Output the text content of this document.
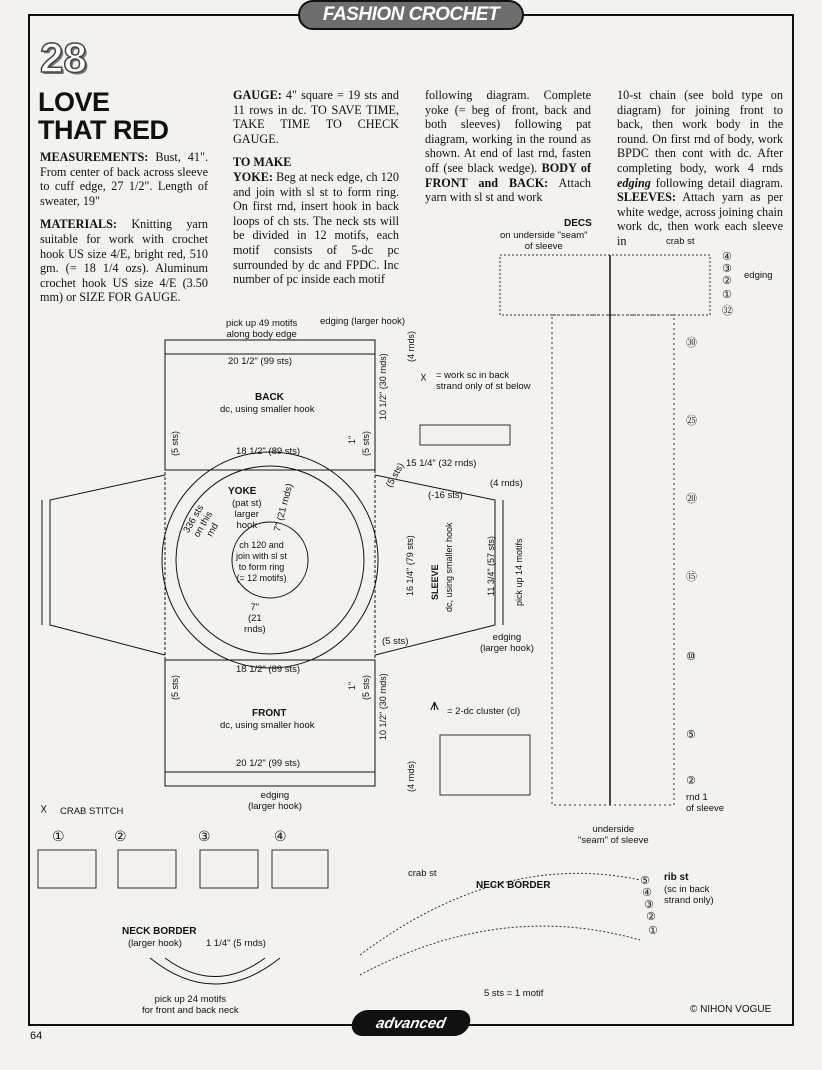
FASHION CROCHET
28
LOVE
THAT RED

MEASUREMENTS: Bust, 41". From center of back across sleeve to cuff edge, 27 1/2". Length of sweater, 19"

MATERIALS: Knitting yarn suitable for work with crochet hook US size 4/E, bright red, 510 gm. (= 18 1/4 ozs). Aluminum crochet hook US size 4/E (3.50 mm) or SIZE FOR GAUGE.

GAUGE: 4" square = 19 sts and 11 rows in dc. TO SAVE TIME, TAKE TIME TO CHECK GAUGE.

TO MAKE

YOKE: Beg at neck edge, ch 120 and join with sl st to form ring. On first rnd, insert hook in back loops of ch sts. The neck sts will be divided in 12 motifs, each motif consists of 5-dc pc surrounded by dc and FPDC. Inc number of pc inside each motif

following diagram. Complete yoke (= beg of front, back and both sleeves) following pat diagram, working in the round as shown. At end of last rnd, fasten off (see black wedge). BODY of FRONT and BACK: Attach yarn with sl st and work
10-st chain (see bold type on diagram) for joining front to back, then work body in the round. On first rnd of body, work BPDC then cont with dc. After completing body, work 4 rnds edging following detail diagram. SLEEVES: Attach yarn as per white wedge, across joining chain work dc, then work each sleeve in
pick up 49 motifs
along body edge
edging (larger hook)
20 1/2" (99 sts)
BACK
dc, using smaller hook	10 1/2" (30 rnds)
(4 rnds)
(5 sts)	(5 sts)
1"
18 1/2" (89 sts)
18 1/2" (89 sts)
YOKE
(pat st)
larger
hook
336 sts
on this
rnd	7" (21 rnds)
7"
(21
rnds)
ch 120 and
join with sl st
to form ring
(= 12 motifs)
15 1/4" (32 rnds)
(4 rnds)
(-16 sts)
(5 sts)
(5 sts)
SLEEVE dc, using smaller hook
16 1/4" (79 sts)	11 3/4" (57 sts) pick up 14 motifs
edging
(larger hook)
FRONT
dc, using smaller hook
20 1/2" (99 sts)
10 1/2" (30 rnds)
(4 rnds)
(5 sts)	(5 sts)
1"
edging
(larger hook)
☓ = work sc in back
strand only of st below
⩚ = 2-dc cluster (cl)
☓ CRAB STITCH
①	②	③	④
DECS
on underside "seam"
of sleeve	crab st
edging
④
③
②
①
㉜
㉚
㉕
⑳
⑮
⑩
⑤
②
rnd 1
of sleeve
underside
"seam" of sleeve
crab st
NECK BORDER
rib st
(sc in back
strand only)
⑤
④
③
②
①
5 sts = 1 motif
NECK BORDER
(larger hook)	1 1/4" (5 rnds)
pick up 24 motifs
for front and back neck
64
advanced
© NIHON VOGUE
